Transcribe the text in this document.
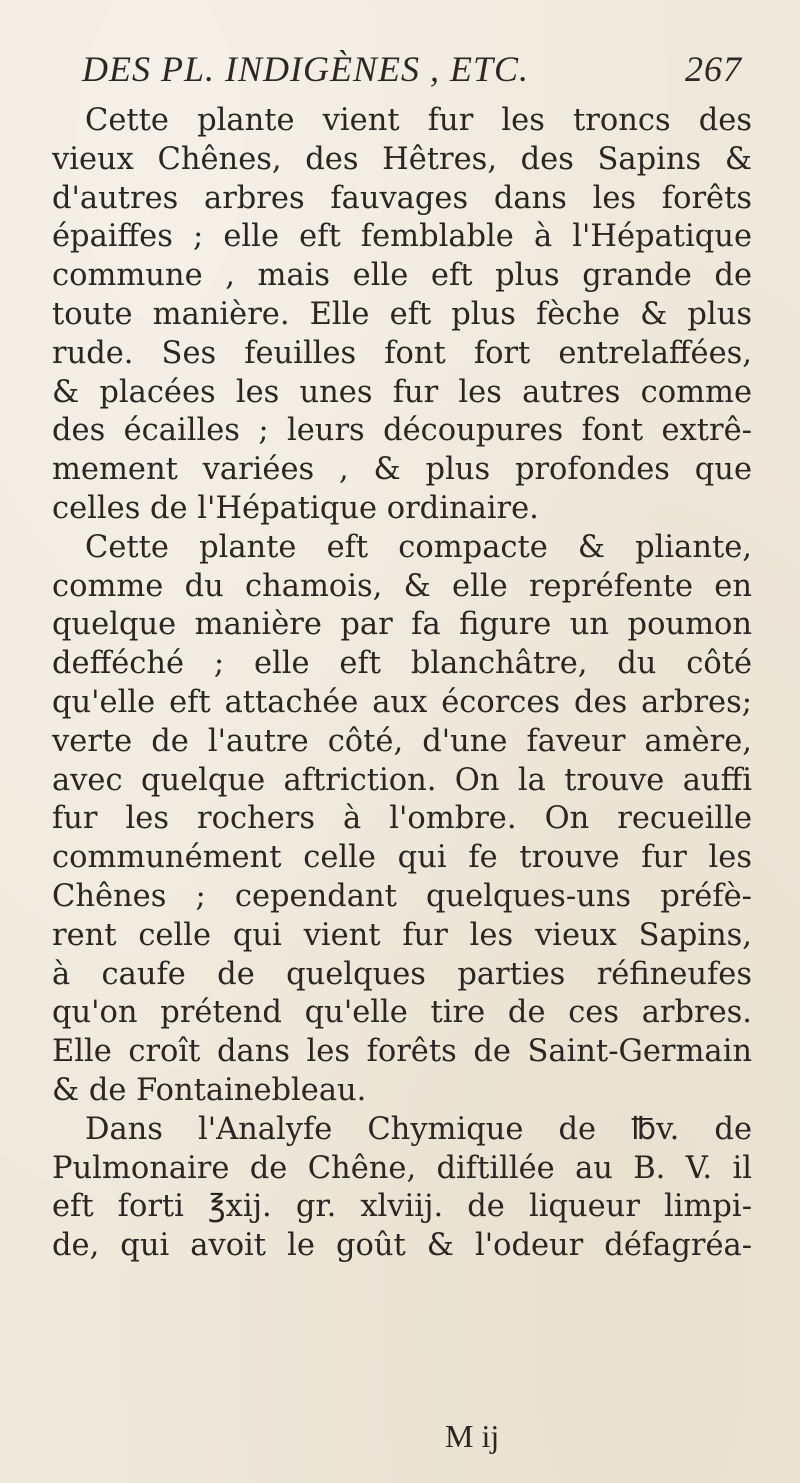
DES PL. INDIGÈNES , ETC.	267
Cette plante vient fur les troncs des
vieux Chênes, des Hêtres, des Sapins &
d'autres arbres fauvages dans les forêts
épaiffes ; elle eft femblable à l'Hépatique
commune , mais elle eft plus grande de
toute manière. Elle eft plus fèche & plus
rude. Ses feuilles font fort entrelaffées,
& placées les unes fur les autres comme
des écailles ; leurs découpures font extrê-
mement variées , & plus profondes que
celles de l'Hépatique ordinaire.
Cette plante eft compacte & pliante,
comme du chamois, & elle repréfente en
quelque manière par fa figure un poumon
defféché ; elle eft blanchâtre, du côté
qu'elle eft attachée aux écorces des arbres;
verte de l'autre côté, d'une faveur amère,
avec quelque aftriction. On la trouve auffi
fur les rochers à l'ombre. On recueille
communément celle qui fe trouve fur les
Chênes ; cependant quelques-uns préfè-
rent celle qui vient fur les vieux Sapins,
à caufe de quelques parties réfineufes
qu'on prétend qu'elle tire de ces arbres.
Elle croît dans les forêts de Saint-Germain
& de Fontainebleau.
Dans l'Analyfe Chymique de ℔v. de
Pulmonaire de Chêne, diftillée au B. V. il
eft forti ℥xij. gr. xlviij. de liqueur limpi-
de, qui avoit le goût & l'odeur défagréa-
M ij
